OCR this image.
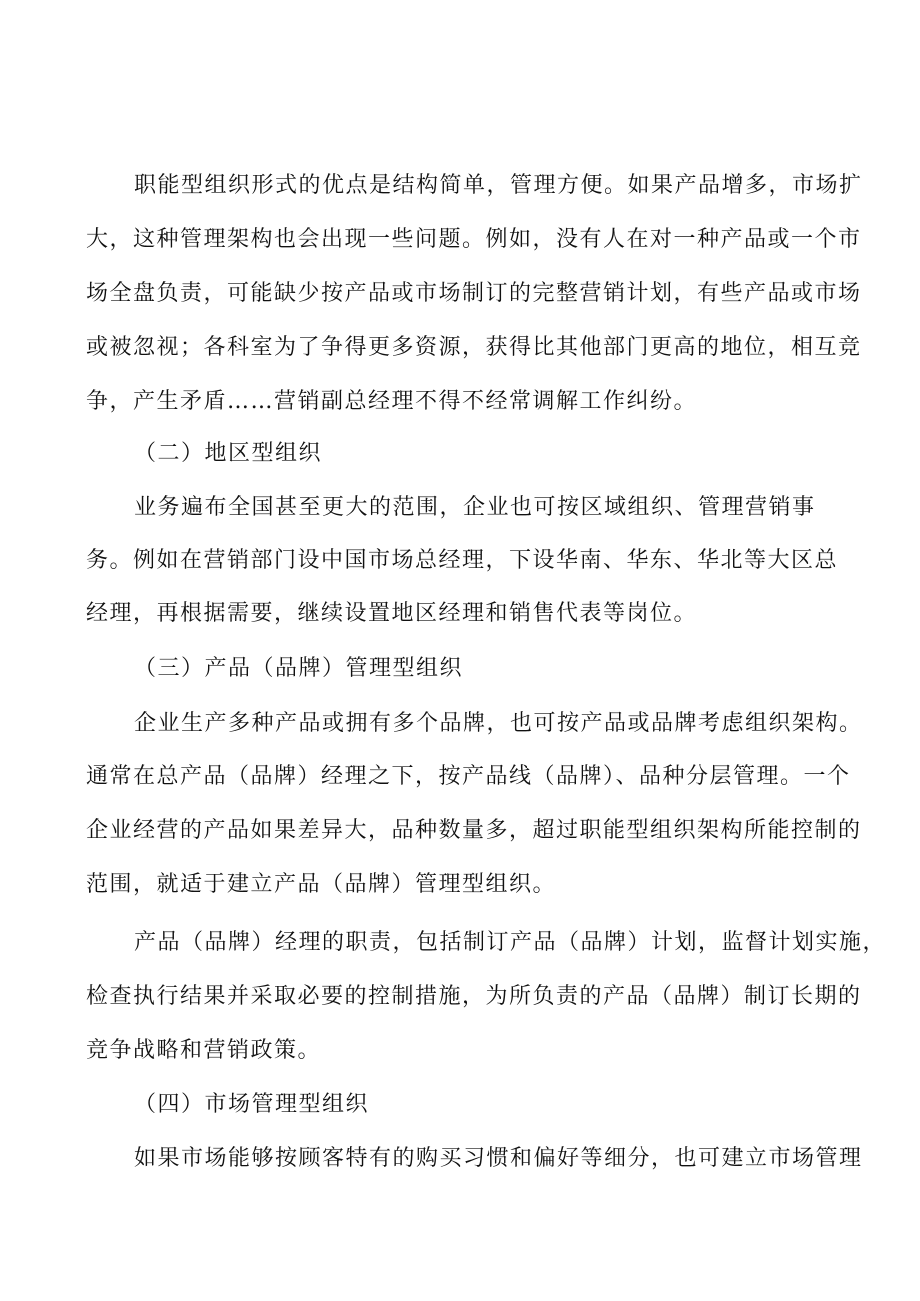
职能型组织形式的优点是结构简单，管理方便。如果产品增多，市场扩
大，这种管理架构也会出现一些问题。例如，没有人在对一种产品或一个市
场全盘负责，可能缺少按产品或市场制订的完整营销计划，有些产品或市场
或被忽视；各科室为了争得更多资源，获得比其他部门更高的地位，相互竞
争，产生矛盾……营销副总经理不得不经常调解工作纠纷。
（二）地区型组织
业务遍布全国甚至更大的范围，企业也可按区域组织、管理营销事
务。例如在营销部门设中国市场总经理，下设华南、华东、华北等大区总
经理，再根据需要，继续设置地区经理和销售代表等岗位。
（三）产品（品牌）管理型组织
企业生产多种产品或拥有多个品牌，也可按产品或品牌考虑组织架构。
通常在总产品（品牌）经理之下，按产品线（品牌）、品种分层管理。一个
企业经营的产品如果差异大，品种数量多，超过职能型组织架构所能控制的
范围，就适于建立产品（品牌）管理型组织。
产品（品牌）经理的职责，包括制订产品（品牌）计划，监督计划实施，
检查执行结果并采取必要的控制措施，为所负责的产品（品牌）制订长期的
竞争战略和营销政策。
（四）市场管理型组织
如果市场能够按顾客特有的购买习惯和偏好等细分，也可建立市场管理
